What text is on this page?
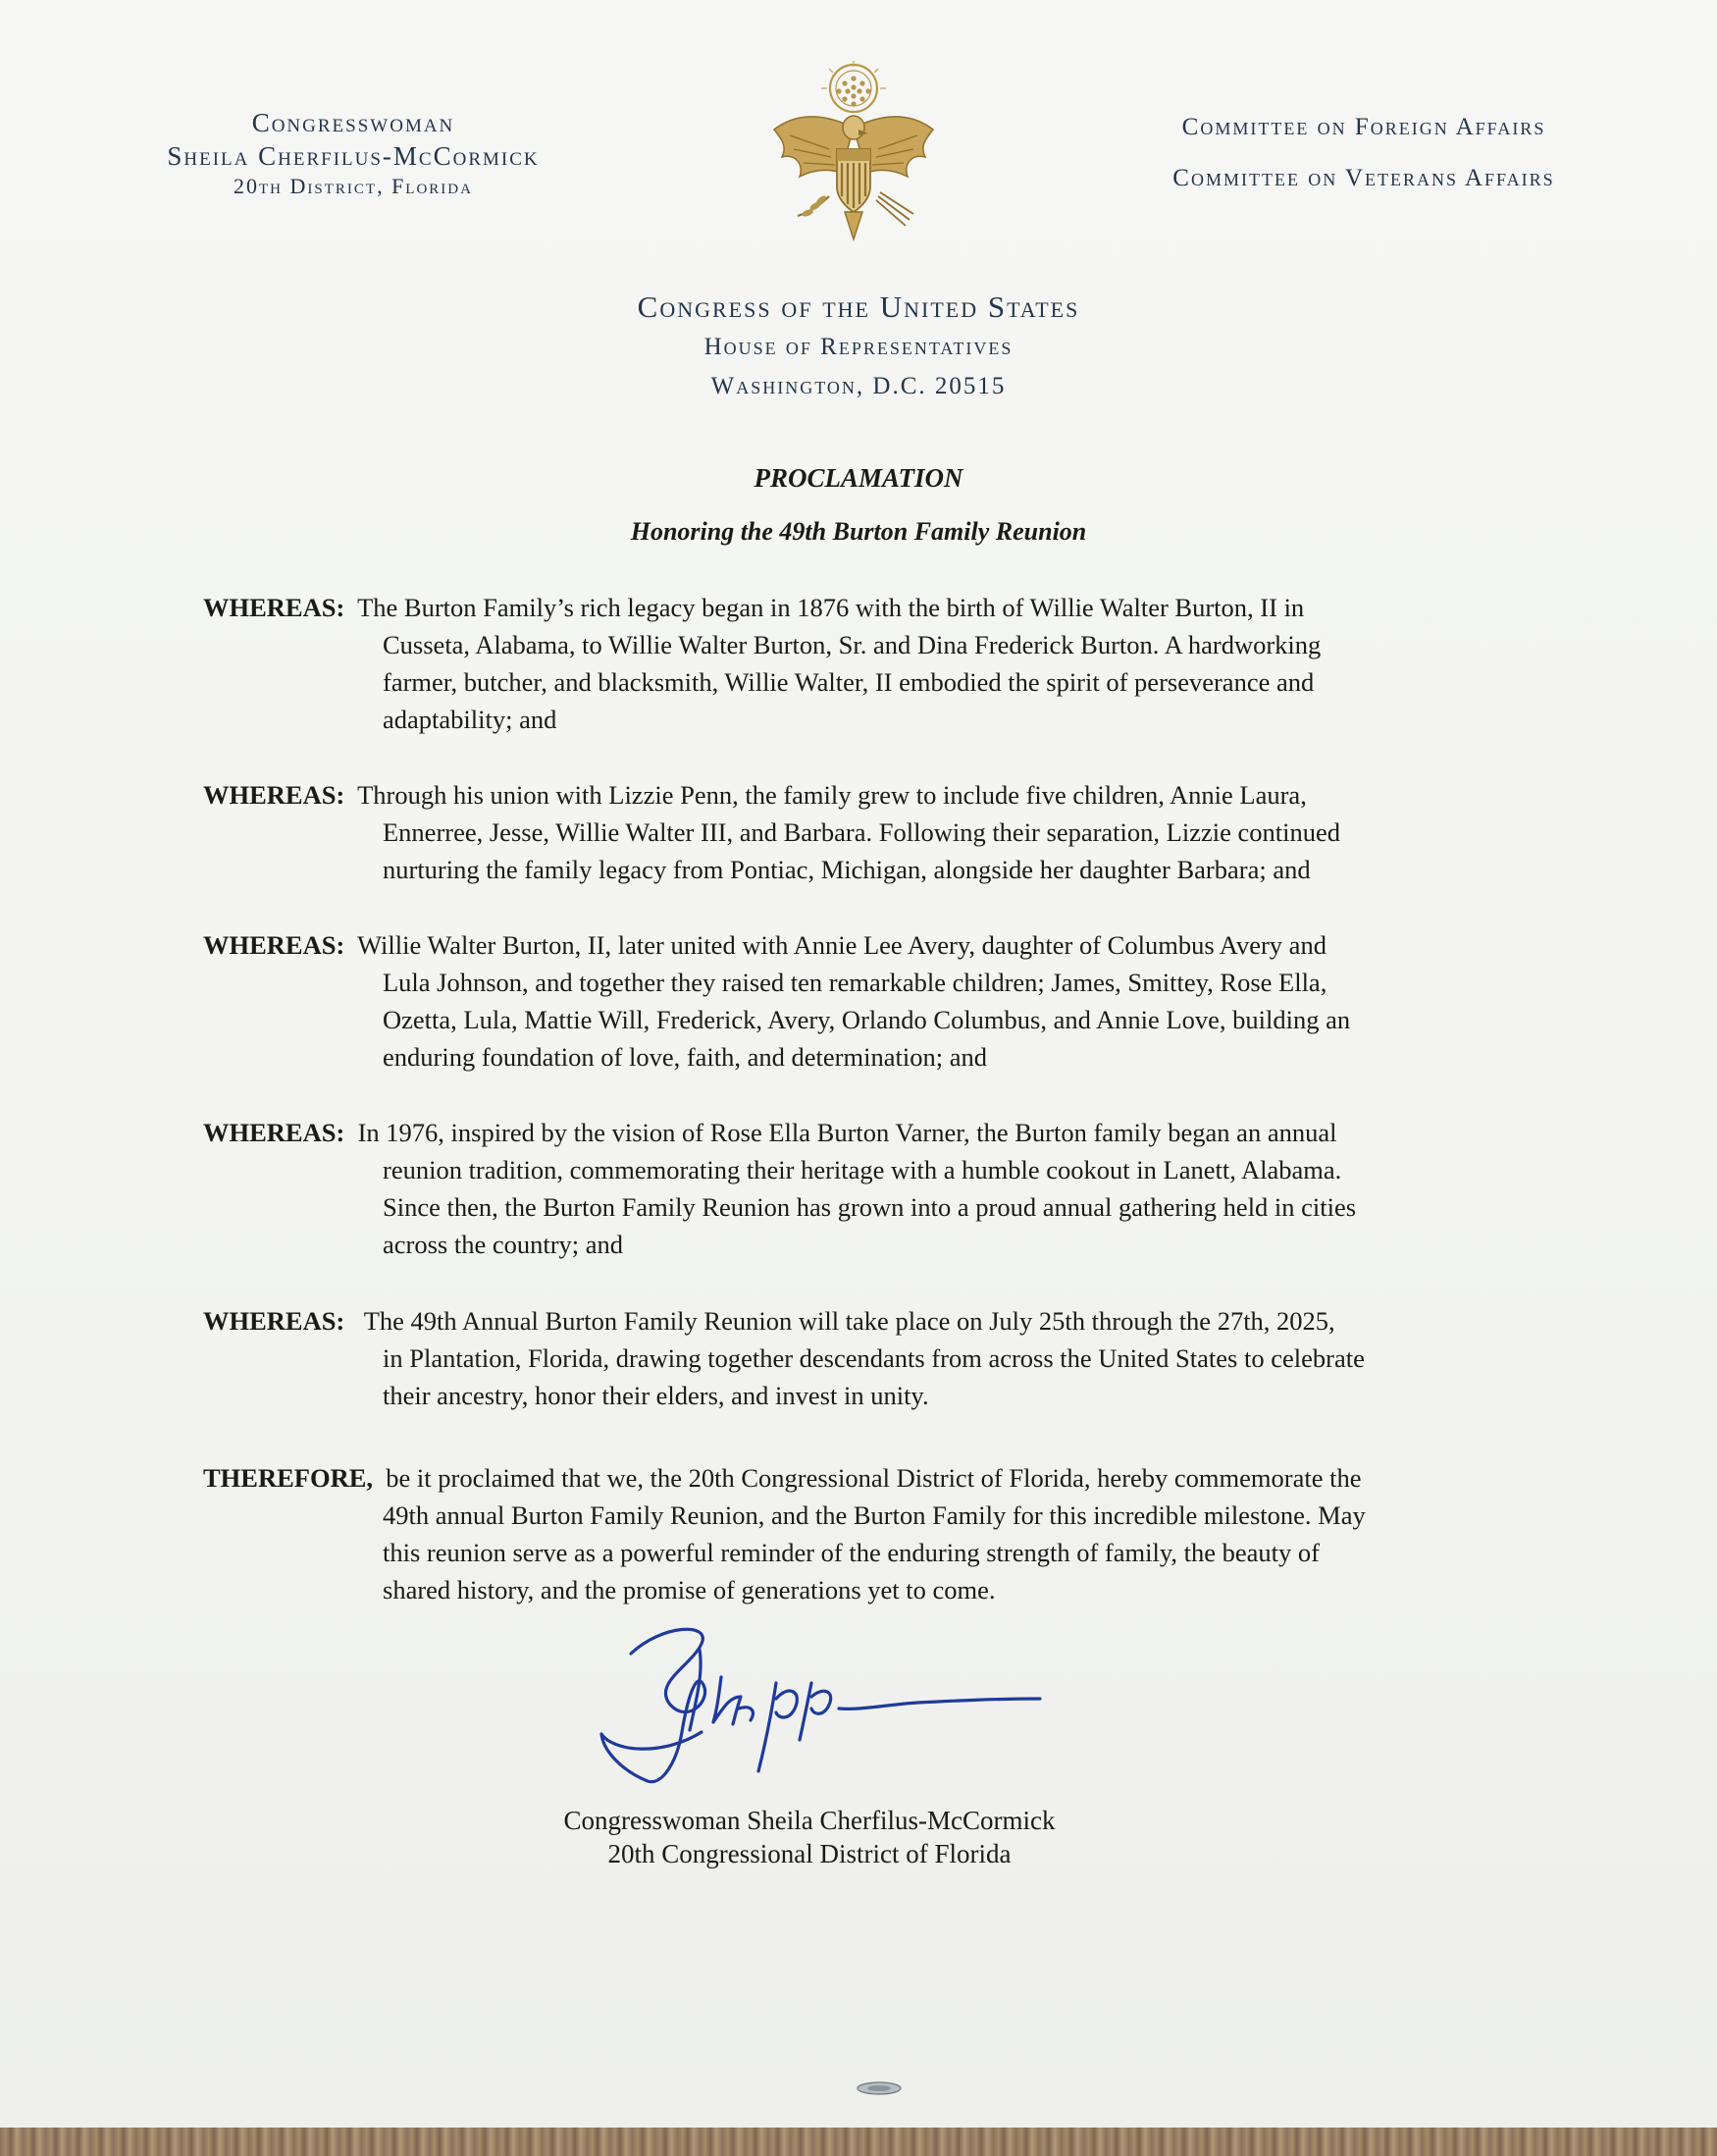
Congresswoman
Sheila Cherfilus-McCormick
20th District, Florida
Committee on Foreign Affairs
Committee on Veterans Affairs
Congress of the United States
House of Representatives
Washington, D.C. 20515
PROCLAMATION
Honoring the 49th Burton Family Reunion
WHEREAS: The Burton Family’s rich legacy began in 1876 with the birth of Willie Walter Burton, II in
Cusseta, Alabama, to Willie Walter Burton, Sr. and Dina Frederick Burton. A hardworking
farmer, butcher, and blacksmith, Willie Walter, II embodied the spirit of perseverance and
adaptability; and
WHEREAS: Through his union with Lizzie Penn, the family grew to include five children, Annie Laura,
Ennerree, Jesse, Willie Walter III, and Barbara. Following their separation, Lizzie continued
nurturing the family legacy from Pontiac, Michigan, alongside her daughter Barbara; and
WHEREAS: Willie Walter Burton, II, later united with Annie Lee Avery, daughter of Columbus Avery and
Lula Johnson, and together they raised ten remarkable children; James, Smittey, Rose Ella,
Ozetta, Lula, Mattie Will, Frederick, Avery, Orlando Columbus, and Annie Love, building an
enduring foundation of love, faith, and determination; and
WHEREAS: In 1976, inspired by the vision of Rose Ella Burton Varner, the Burton family began an annual
reunion tradition, commemorating their heritage with a humble cookout in Lanett, Alabama.
Since then, the Burton Family Reunion has grown into a proud annual gathering held in cities
across the country; and
WHEREAS: The 49th Annual Burton Family Reunion will take place on July 25th through the 27th, 2025,
in Plantation, Florida, drawing together descendants from across the United States to celebrate
their ancestry, honor their elders, and invest in unity.
THEREFORE, be it proclaimed that we, the 20th Congressional District of Florida, hereby commemorate the
49th annual Burton Family Reunion, and the Burton Family for this incredible milestone. May
this reunion serve as a powerful reminder of the enduring strength of family, the beauty of
shared history, and the promise of generations yet to come.
Congresswoman Sheila Cherfilus-McCormick
20th Congressional District of Florida
